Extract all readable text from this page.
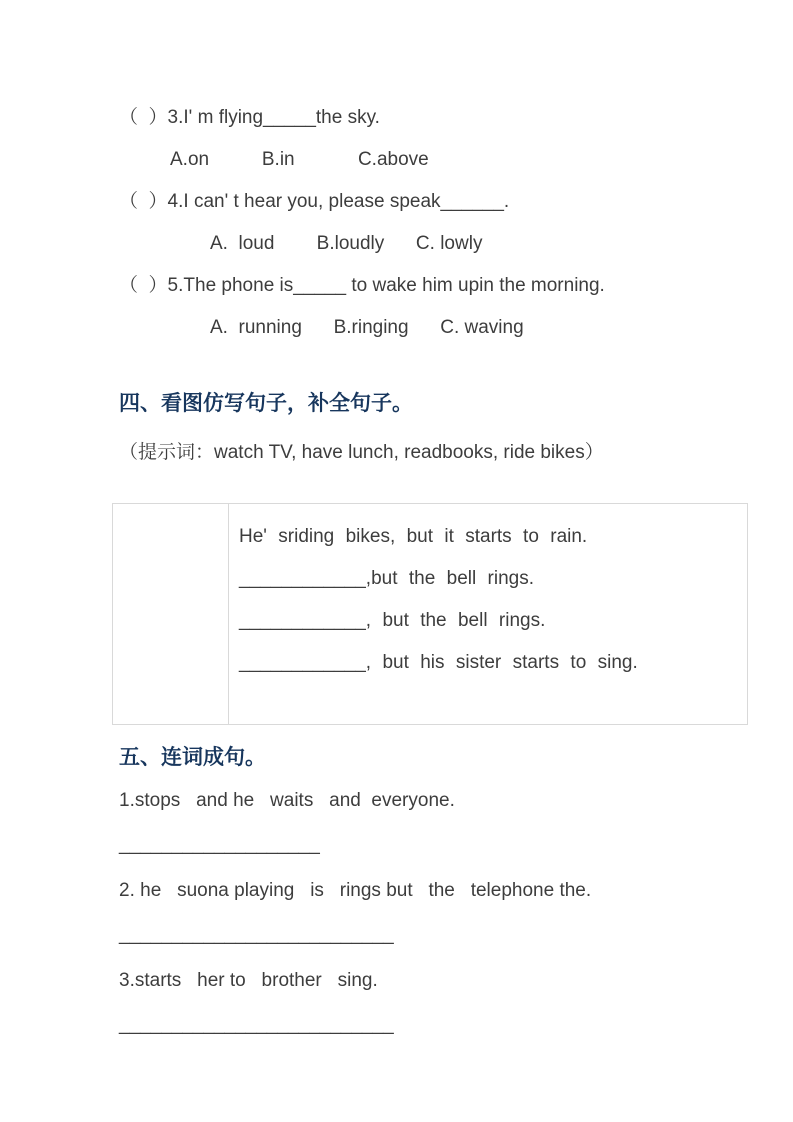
（  ）3.I' m flying_____the sky.
A.on          B.in            C.above
（  ）4.I can' t hear you, please speak______.
A.  loud        B.loudly      C. lowly
（  ）5.The phone is_____ to wake him upin the morning.
A.  running      B.ringing      C. waving
四、看图仿写句子，补全句子。
（提示词：watch TV, have lunch, readbooks, ride bikes）
He' sriding bikes, but it starts to rain.
____________,but the bell rings.
____________, but the bell rings.
____________, but his sister starts to sing.
五、连词成句。
1.stops   and he   waits   and  everyone.
___________________
2. he   suona playing   is   rings but   the   telephone the.
__________________________
3.starts   her to   brother   sing.
__________________________
